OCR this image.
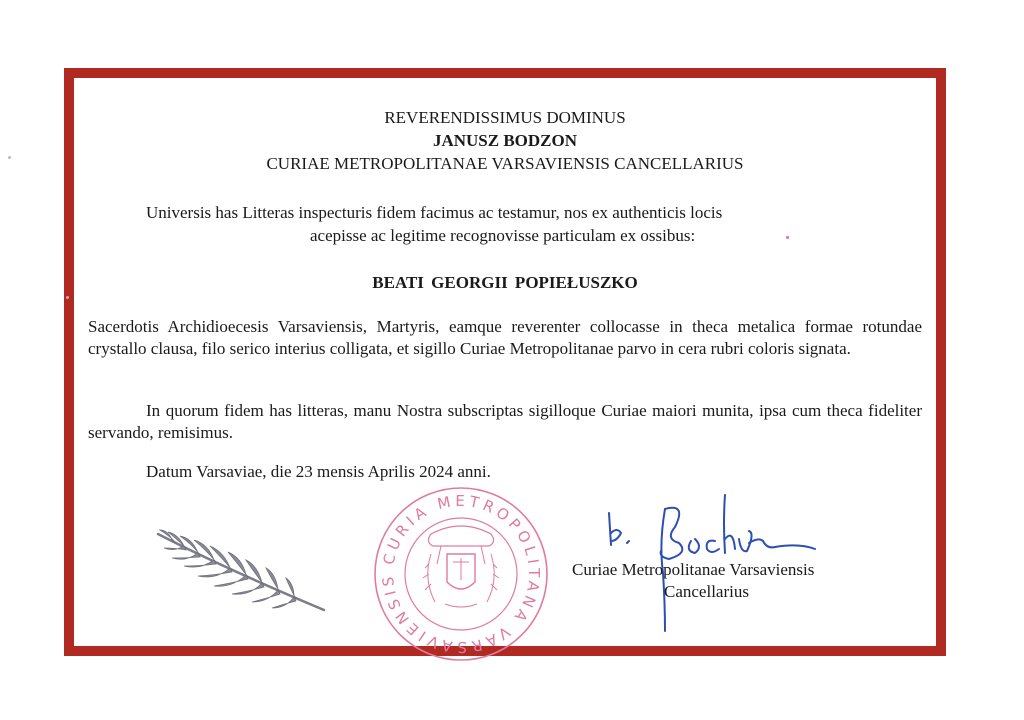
REVERENDISSIMUS DOMINUS
JANUSZ BODZON
CURIAE METROPOLITANAE VARSAVIENSIS CANCELLARIUS
Universis has Litteras inspecturis fidem facimus ac testamur, nos ex authenticis locis
acepisse ac legitime recognovisse particulam ex ossibus:
BEATI GEORGII POPIEŁUSZKO
Sacerdotis Archidioecesis Varsaviensis, Martyris, eamque reverenter collocasse in theca metalica formae rotundae crystallo clausa, filo serico interius colligata, et sigillo Curiae Metropolitanae parvo in cera rubri coloris signata.
In quorum fidem has litteras, manu Nostra subscriptas sigilloque Curiae maiori munita, ipsa cum theca fideliter servando, remisimus.
Datum Varsaviae, die 23 mensis Aprilis 2024 anni.
CURIA METROPOLITANA VARSAVIENSIS
Curiae Metropolitanae Varsaviensis
Cancellarius
